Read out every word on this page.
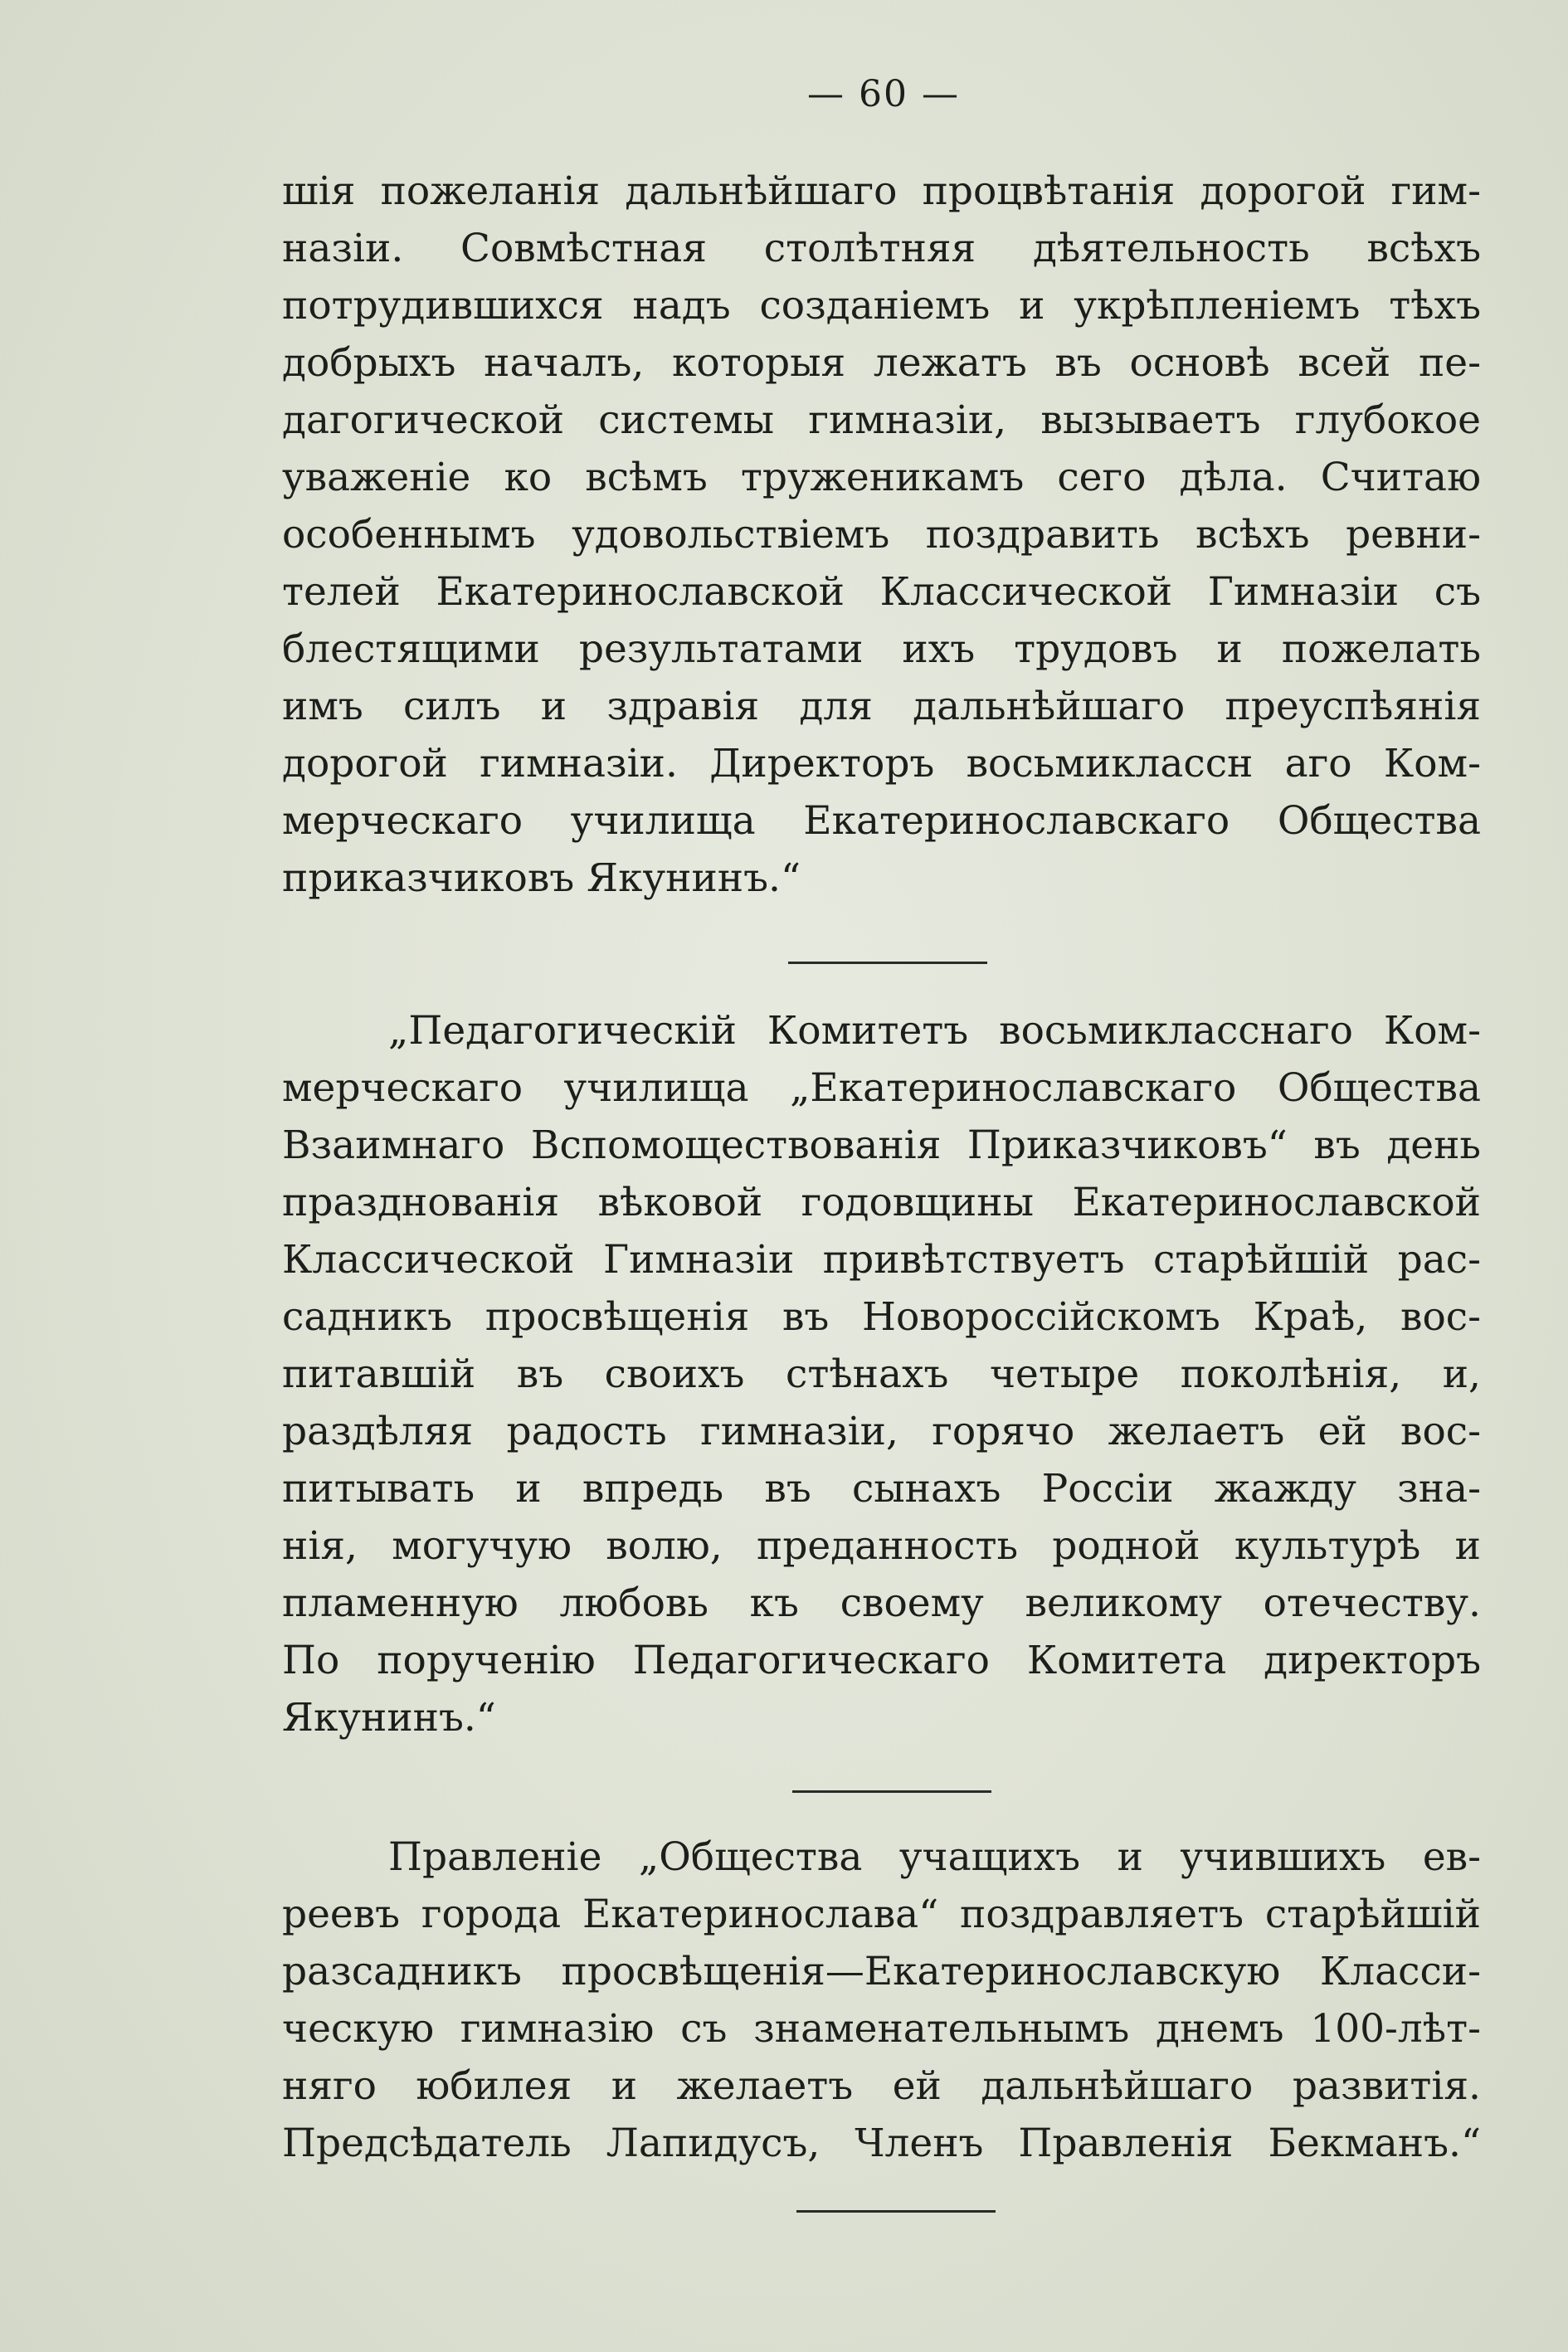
— 60 —
шія пожеланія дальнѣйшаго процвѣтанія дорогой гим-
назіи. Совмѣстная столѣтняя дѣятельность всѣхъ
потрудившихся надъ созданіемъ и укрѣпленіемъ тѣхъ
добрыхъ началъ, которыя лежатъ въ основѣ всей пе-
дагогической системы гимназіи, вызываетъ глубокое
уваженіе ко всѣмъ труженикамъ сего дѣла. Считаю
особеннымъ удовольствіемъ поздравить всѣхъ ревни-
телей Екатеринославской Классической Гимназіи съ
блестящими результатами ихъ трудовъ и пожелать
имъ силъ и здравія для дальнѣйшаго преуспѣянія
дорогой гимназіи. Директоръ восьмиклассн аго Ком-
мерческаго училища Екатеринославскаго Общества
приказчиковъ Якунинъ.“
„Педагогическій Комитетъ восьмикласснаго Ком-
мерческаго училища „Екатеринославскаго Общества
Взаимнаго Вспомоществованія Приказчиковъ“ въ день
празднованія вѣковой годовщины Екатеринославской
Классической Гимназіи привѣтствуетъ старѣйшій рас-
садникъ просвѣщенія въ Новороссійскомъ Краѣ, вос-
питавшій въ своихъ стѣнахъ четыре поколѣнія, и,
раздѣляя радость гимназіи, горячо желаетъ ей вос-
питывать и впредь въ сынахъ Россіи жажду зна-
нія, могучую волю, преданность родной культурѣ и
пламенную любовь къ своему великому отечеству.
По порученію Педагогическаго Комитета директоръ
Якунинъ.“
Правленіе „Общества учащихъ и учившихъ ев-
реевъ города Екатеринослава“ поздравляетъ старѣйшій
разсадникъ просвѣщенія—Екатеринославскую Класси-
ческую гимназію съ знаменательнымъ днемъ 100-лѣт-
няго юбилея и желаетъ ей дальнѣйшаго развитія.
Предсѣдатель Лапидусъ, Членъ Правленія Бекманъ.“
